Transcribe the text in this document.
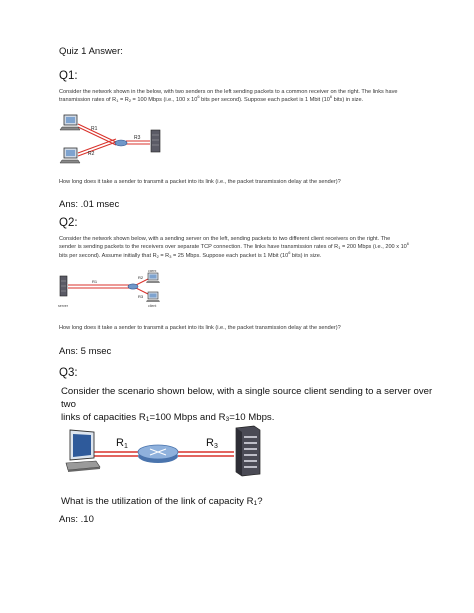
Quiz 1 Answer:
Q1:
Consider the network shown in the below, with two senders on the left sending packets to a common receiver on the right. The links have
transmission rates of $R_1 = R_2 = 100$ Mbps (i.e., 100 x $10^6$ bits per second). Suppose each packet is 1 Mbit ($10^6$ bits) in size.
R1
R2
R3
How long does it take a sender to transmit a packet into its link (i.e., the packet transmission delay at the sender)?
Ans: .01 msec
Q2:
Consider the network shown below, with a sending server on the left, sending packets to two different client receivers on the right. The
sender is sending packets to the receivers over separate TCP connection. The links have transmission rates of $R_1 = 200$ Mbps (i.e., 200 x $10^6$
bits per second). Assume initially that $R_2 = R_3 = 25$ Mbps. Suppose each packet is 1 Mbit ($10^6$ bits) in size.
server
client
client
R1
R2
R3
How long does it take a sender to transmit a packet into its link (i.e., the packet transmission delay at the sender)?
Ans: 5 msec
Q3:
Consider the scenario shown below, with a single source client sending to a server over two
links of capacities $R_1=100$ Mbps and $R_3=10$ Mbps.
R1	R3
What is the utilization of the link of capacity $R_1$?
Ans: .10
